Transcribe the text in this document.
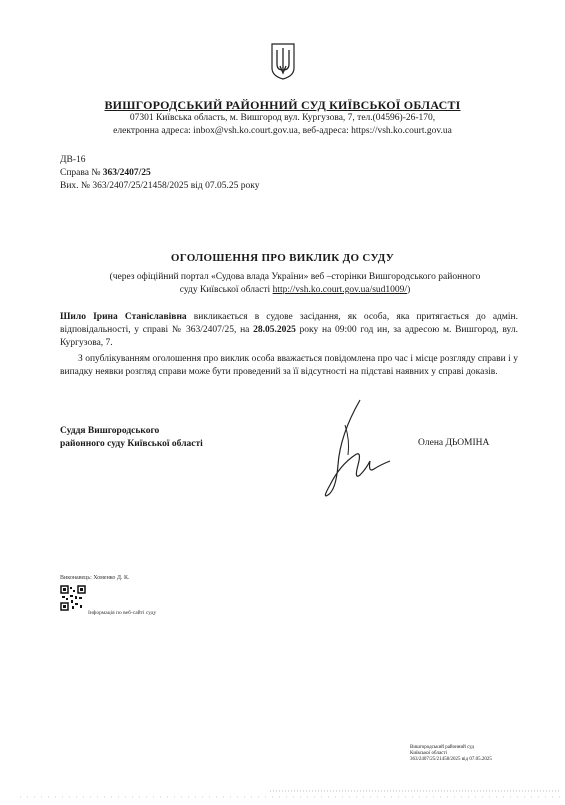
ВИШГОРОДСЬКИЙ РАЙОННИЙ СУД КИЇВСЬКОЇ ОБЛАСТІ
07301 Київська область, м. Вишгород вул. Кургузова, 7, тел.(04596)-26-170,
електронна адреса: inbox@vsh.ko.court.gov.ua, веб-адреса: https://vsh.ko.court.gov.ua
ДВ-16
Справа № 363/2407/25
Вих. № 363/2407/25/21458/2025 від 07.05.25 року
ОГОЛОШЕННЯ ПРО ВИКЛИК ДО СУДУ
(через офіційний портал «Судова влада України» веб –сторінки Вишгородського районного
суду Київської області http://vsh.ko.court.gov.ua/sud1009/)
Шило Ірина Станіславівна викликається в судове засідання, як особа, яка притягається до адмін. відповідальності, у справі № 363/2407/25, на 28.05.2025 року на 09:00 год ин, за адресою м. Вишгород, вул. Кургузова, 7.
З опублікуванням оголошення про виклик особа вважається повідомлена про час і місце розгляду справи і у випадку неявки розгляд справи може бути проведений за її відсутності на підставі наявних у справі доказів.
Суддя Вишгородського
районного суду Київської області	Олена ДЬОМІНА
Виконавець: Хоменко Д. К.
Інформація по веб-сайті суду
Вишгородський районний суд
Київської області
363/2407/25/21458/2025 від 07.05.2025
